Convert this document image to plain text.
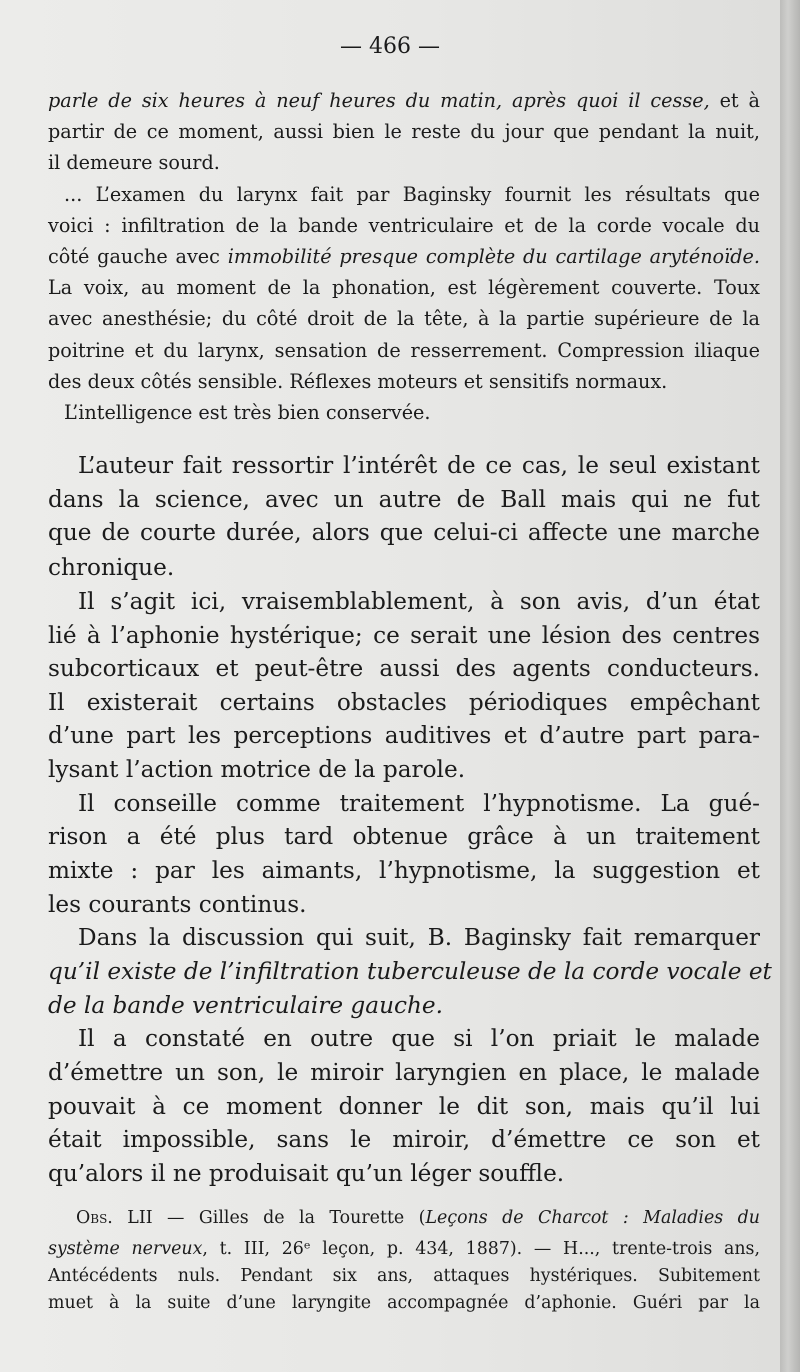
— 466 —
parle de six heures à neuf heures du matin, après quoi il cesse, et à
partir de ce moment, aussi bien le reste du jour que pendant la nuit,
il demeure sourd.
... L’examen du larynx fait par Baginsky fournit les résultats que
voici : infiltration de la bande ventriculaire et de la corde vocale du
côté gauche avec immobilité presque complète du cartilage aryténoïde.
La voix, au moment de la phonation, est légèrement couverte. Toux
avec anesthésie; du côté droit de la tête, à la partie supérieure de la
poitrine et du larynx, sensation de resserrement. Compression iliaque
des deux côtés sensible. Réflexes moteurs et sensitifs normaux.
L’intelligence est très bien conservée.
L’auteur fait ressortir l’intérêt de ce cas, le seul existant
dans la science, avec un autre de Ball mais qui ne fut
que de courte durée, alors que celui-ci affecte une marche
chronique.
Il s’agit ici, vraisemblablement, à son avis, d’un état
lié à l’aphonie hystérique; ce serait une lésion des centres
subcorticaux et peut-être aussi des agents conducteurs.
Il existerait certains obstacles périodiques empêchant
d’une part les perceptions auditives et d’autre part para-
lysant l’action motrice de la parole.
Il conseille comme traitement l’hypnotisme. La gué-
rison a été plus tard obtenue grâce à un traitement
mixte : par les aimants, l’hypnotisme, la suggestion et
les courants continus.
Dans la discussion qui suit, B. Baginsky fait remarquer
qu’il existe de l’infiltration tuberculeuse de la corde vocale et
de la bande ventriculaire gauche.
Il a constaté en outre que si l’on priait le malade
d’émettre un son, le miroir laryngien en place, le malade
pouvait à ce moment donner le dit son, mais qu’il lui
était impossible, sans le miroir, d’émettre ce son et
qu’alors il ne produisait qu’un léger souffle.
Obs. LII — Gilles de la Tourette (Leçons de Charcot : Maladies du
système nerveux, t. III, 26ᵉ leçon, p. 434, 1887). — H..., trente-trois ans,
Antécédents nuls. Pendant six ans, attaques hystériques. Subitement
muet à la suite d’une laryngite accompagnée d’aphonie. Guéri par la
